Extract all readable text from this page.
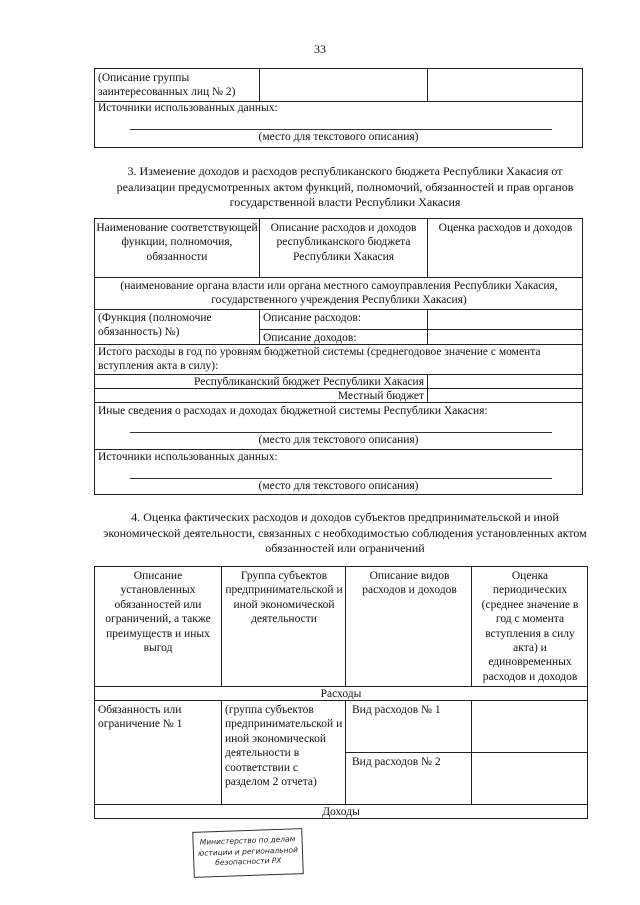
33
(Описание группы заинтересованных лиц № 2)
Источники использованных данных:
(место для текстового описания)
3. Изменение доходов и расходов республиканского бюджета Республики Хакасия от реализации предусмотренных актом функций, полномочий, обязанностей и прав органов государственной власти Республики Хакасия
Наименование соответствующей функции, полномочия, обязанности
Описание расходов и доходов республиканского бюджета Республики Хакасия
Оценка расходов и доходов
(наименование органа власти или органа местного самоуправления Республики Хакасия, государственного учреждения Республики Хакасия)
(Функция (полномочие обязанность) №)
Описание расходов:
Описание доходов:
Истого расходы в год по уровням бюджетной системы (среднегодовое значение с момента вступления акта в силу):
Республиканский бюджет Республики Хакасия
Местный бюджет
Иные сведения о расходах и доходах бюджетной системы Республики Хакасия:
(место для текстового описания)
Источники использованных данных:
(место для текстового описания)
4. Оценка фактических расходов и доходов субъектов предпринимательской и иной экономической деятельности, связанных с необходимостью соблюдения установленных актом обязанностей или ограничений
Описание установленных обязанностей или ограничений, а также преимуществ и иных выгод
Группа субъектов предпринимательской и иной экономической деятельности
Описание видов расходов и доходов
Оценка периодических (среднее значение в год с момента вступления в силу акта) и единовременных расходов и доходов
Расходы
Обязанность или ограничение № 1
(группа субъектов предпринимательской и иной экономической деятельности в соответствии с разделом 2 отчета)
Вид расходов № 1
Вид расходов № 2
Доходы
Министерство по делам юстиции и региональной безопасности РХ
